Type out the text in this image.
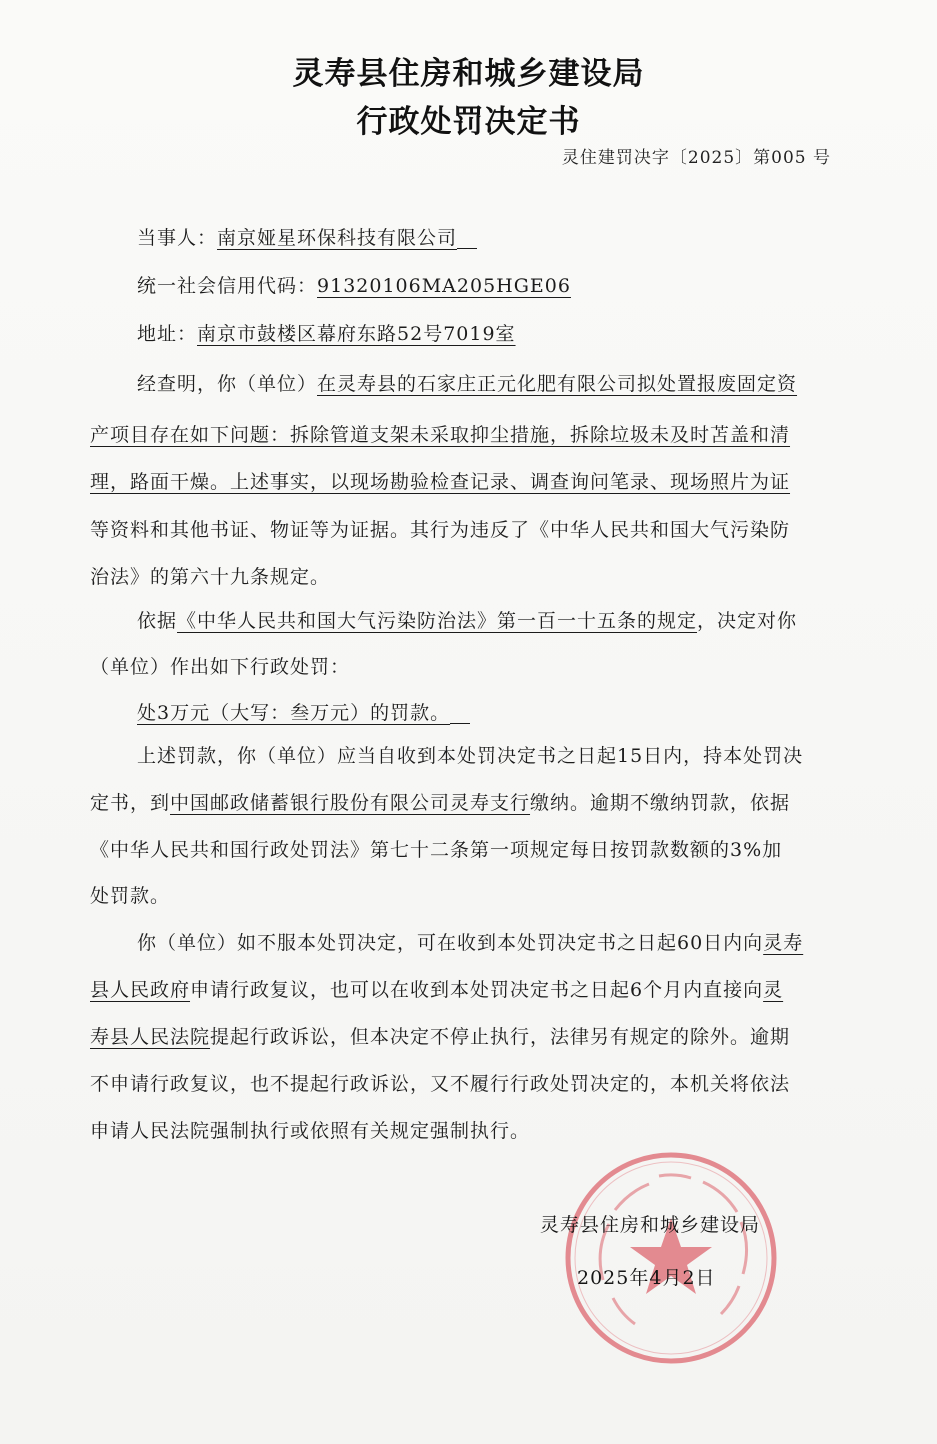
灵寿县住房和城乡建设局
行政处罚决定书
灵住建罚决字〔2025〕第005 号
当事人：南京娅星环保科技有限公司
统一社会信用代码：91320106MA205HGE06
地址：南京市鼓楼区幕府东路52号7019室
经查明，你（单位）在灵寿县的石家庄正元化肥有限公司拟处置报废固定资
产项目存在如下问题：拆除管道支架未采取抑尘措施，拆除垃圾未及时苫盖和清
理，路面干燥。上述事实，以现场勘验检查记录、调查询问笔录、现场照片为证
等资料和其他书证、物证等为证据。其行为违反了《中华人民共和国大气污染防
治法》的第六十九条规定。
依据《中华人民共和国大气污染防治法》第一百一十五条的规定，决定对你
（单位）作出如下行政处罚：
处3万元（大写：叁万元）的罚款。
上述罚款，你（单位）应当自收到本处罚决定书之日起15日内，持本处罚决
定书，到中国邮政储蓄银行股份有限公司灵寿支行缴纳。逾期不缴纳罚款，依据
《中华人民共和国行政处罚法》第七十二条第一项规定每日按罚款数额的3%加
处罚款。
你（单位）如不服本处罚决定，可在收到本处罚决定书之日起60日内向灵寿
县人民政府申请行政复议，也可以在收到本处罚决定书之日起6个月内直接向灵
寿县人民法院提起行政诉讼，但本决定不停止执行，法律另有规定的除外。逾期
不申请行政复议，也不提起行政诉讼，又不履行行政处罚决定的，本机关将依法
申请人民法院强制执行或依照有关规定强制执行。
灵寿县住房和城乡建设局
2025年4月2日
